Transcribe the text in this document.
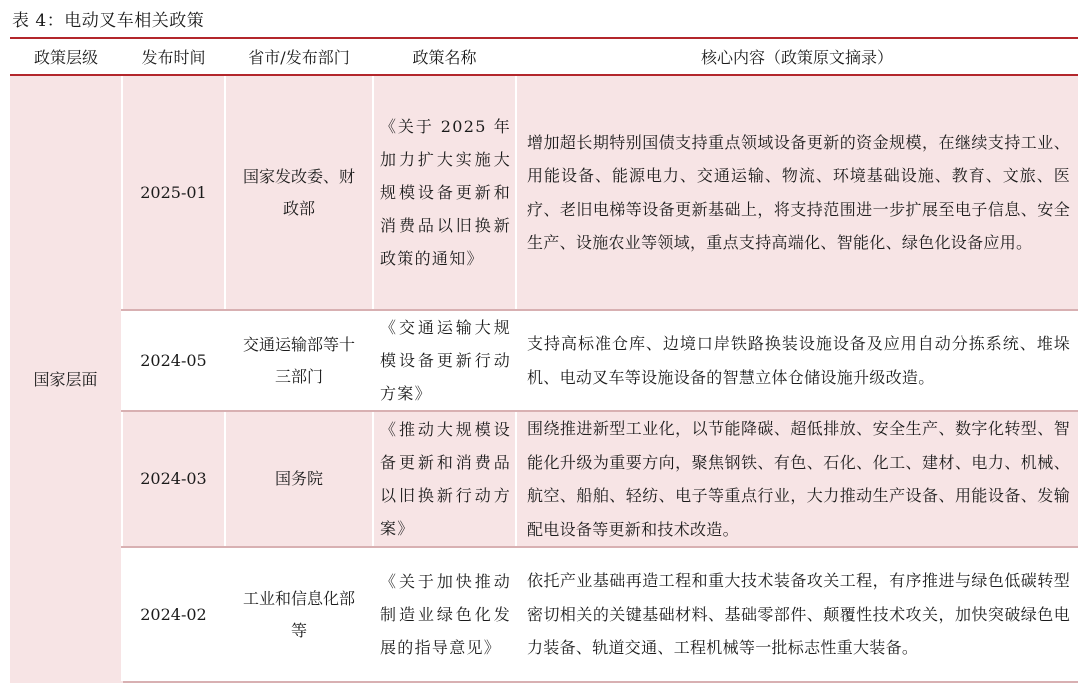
表 4：电动叉车相关政策
政策层级	发布时间	省市/发布部门	政策名称	核心内容（政策原文摘录）
国家层面	2025-01	国家发改委、财政部	《关于 2025 年加力扩大实施大规模设备更新和消费品以旧换新政策的通知》	增加超长期特别国债支持重点领域设备更新的资金规模，在继续支持工业、用能设备、能源电力、交通运输、物流、环境基础设施、教育、文旅、医疗、老旧电梯等设备更新基础上，将支持范围进一步扩展至电子信息、安全生产、设施农业等领域，重点支持高端化、智能化、绿色化设备应用。
	2024-05	交通运输部等十三部门	《交通运输大规模设备更新行动方案》	支持高标准仓库、边境口岸铁路换装设施设备及应用自动分拣系统、堆垛机、电动叉车等设施设备的智慧立体仓储设施升级改造。
	2024-03	国务院	《推动大规模设备更新和消费品以旧换新行动方案》	围绕推进新型工业化，以节能降碳、超低排放、安全生产、数字化转型、智能化升级为重要方向，聚焦钢铁、有色、石化、化工、建材、电力、机械、航空、船舶、轻纺、电子等重点行业，大力推动生产设备、用能设备、发输配电设备等更新和技术改造。
	2024-02	工业和信息化部等	《关于加快推动制造业绿色化发展的指导意见》	依托产业基础再造工程和重大技术装备攻关工程，有序推进与绿色低碳转型密切相关的关键基础材料、基础零部件、颠覆性技术攻关，加快突破绿色电力装备、轨道交通、工程机械等一批标志性重大装备。
